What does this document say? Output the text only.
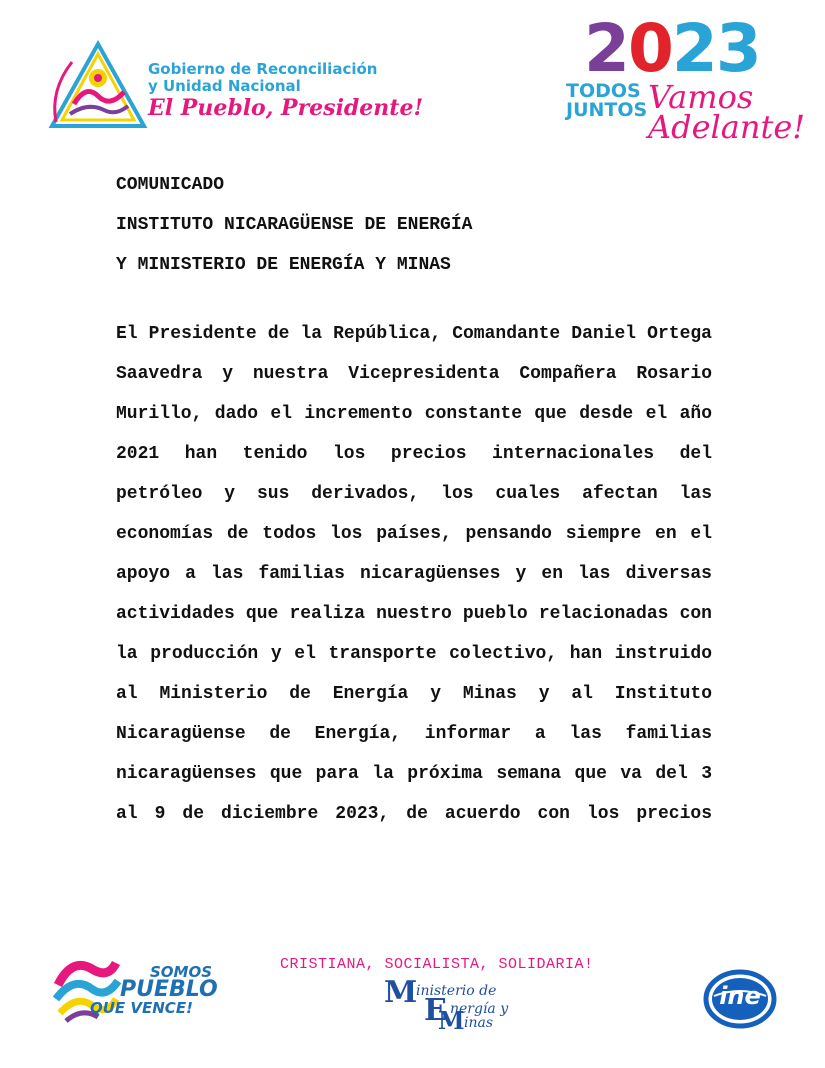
Gobierno de Reconciliación
y Unidad Nacional
El Pueblo, Presidente!
2023
TODOS
JUNTOS Vamos
Adelante!
COMUNICADO
INSTITUTO NICARAGÜENSE DE ENERGÍA
Y MINISTERIO DE ENERGÍA Y MINAS

El Presidente de la República, Comandante Daniel Ortega Saavedra y nuestra Vicepresidenta Compañera Rosario Murillo, dado el incremento constante que desde el año 2021 han tenido los precios internacionales del petróleo y sus derivados, los cuales afectan las economías de todos los países, pensando siempre en el apoyo a las familias nicaragüenses y en las diversas actividades que realiza nuestro pueblo relacionadas con la producción y el transporte colectivo, han instruido al Ministerio de Energía y Minas y al Instituto Nicaragüense de Energía, informar a las familias nicaragüenses que para la próxima semana que va del 3 al 9 de diciembre 2023, de acuerdo con los precios

SOMOS
PUEBLO
QUE VENCE!
CRISTIANA, SOCIALISTA, SOLIDARIA!
M
inisterio de
E nergía y
M inas
ine
